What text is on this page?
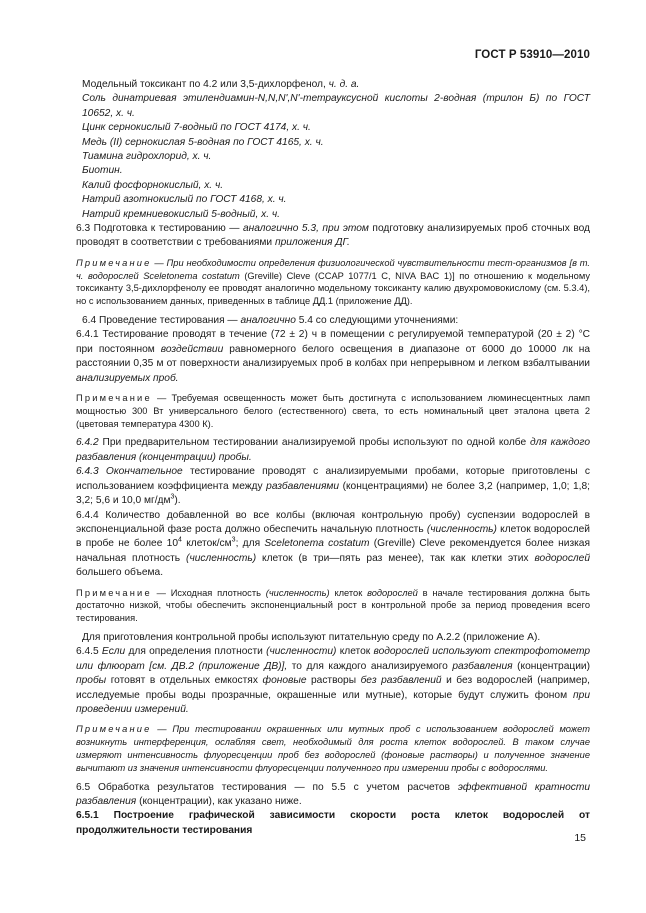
ГОСТ Р 53910—2010

Модельный токсикант по 4.2 или 3,5-дихлорфенол, ч. д. а.

Соль динатриевая этилендиамин-N,N,N',N'-тетрауксусной кислоты 2-водная (трилон Б) по ГОСТ 10652, х. ч.

Цинк сернокислый 7-водный по ГОСТ 4174, х. ч.

Медь (II) сернокислая 5-водная по ГОСТ 4165, х. ч.

Тиамина гидрохлорид, х. ч.

Биотин.

Калий фосфорнокислый, х. ч.

Натрий азотнокислый по ГОСТ 4168, х. ч.

Натрий кремниевокислый 5-водный, х. ч.

6.3 Подготовка к тестированию — аналогично 5.3, при этом подготовку анализируемых проб сточных вод проводят в соответствии с требованиями приложения ДГ.

Примечание — При необходимости определения физиологической чувствительности тест-организмов [в т. ч. водорослей Sceletonema costatum (Greville) Cleve (CCAP 1077/1 C, NIVA BAC 1)] по отношению к модельному токсиканту 3,5-дихлорфенолу ее проводят аналогично модельному токсиканту калию двухромовокислому (см. 5.3.4), но с использованием данных, приведенных в таблице ДД.1 (приложение ДД).

6.4 Проведение тестирования — аналогично 5.4 со следующими уточнениями:

6.4.1 Тестирование проводят в течение (72 ± 2) ч в помещении с регулируемой температурой (20 ± 2) °С при постоянном воздействии равномерного белого освещения в диапазоне от 6000 до 10000 лк на расстоянии 0,35 м от поверхности анализируемых проб в колбах при непрерывном и легком взбалтывании анализируемых проб.

Примечание — Требуемая освещенность может быть достигнута с использованием люминесцентных ламп мощностью 300 Вт универсального белого (естественного) света, то есть номинальный цвет эталона цвета 2 (цветовая температура 4300 К).

6.4.2 При предварительном тестировании анализируемой пробы используют по одной колбе для каждого разбавления (концентрации) пробы.

6.4.3 Окончательное тестирование проводят с анализируемыми пробами, которые приготовлены с использованием коэффициента между разбавлениями (концентрациями) не более 3,2 (например, 1,0; 1,8; 3,2; 5,6 и 10,0 $мг/дм^3$).

6.4.4 Количество добавленной во все колбы (включая контрольную пробу) суспензии водорослей в экспоненциальной фазе роста должно обеспечить начальную плотность (численность) клеток водорослей в пробе не более $10^4$ клеток/$см^3$; для Sceletonema costatum (Greville) Cleve рекомендуется более низкая начальная плотность (численность) клеток (в три—пять раз менее), так как клетки этих водорослей большего объема.

Примечание — Исходная плотность (численность) клеток водорослей в начале тестирования должна быть достаточно низкой, чтобы обеспечить экспоненциальный рост в контрольной пробе за период проведения всего тестирования.

Для приготовления контрольной пробы используют питательную среду по А.2.2 (приложение А).

6.4.5 Если для определения плотности (численности) клеток водорослей используют спектрофотометр или флюорат [см. ДВ.2 (приложение ДВ)], то для каждого анализируемого разбавления (концентрации) пробы готовят в отдельных емкостях фоновые растворы без разбавлений и без водорослей (например, исследуемые пробы воды прозрачные, окрашенные или мутные), которые будут служить фоном при проведении измерений.

Примечание — При тестировании окрашенных или мутных проб с использованием водорослей может возникнуть интерференция, ослабляя свет, необходимый для роста клеток водорослей. В таком случае измеряют интенсивность флуоресценции проб без водорослей (фоновые растворы) и полученное значение вычитают из значения интенсивности флуоресценции полученного при измерении пробы с водорослями.

6.5 Обработка результатов тестирования — по 5.5 с учетом расчетов эффективной кратности разбавления (концентрации), как указано ниже.

6.5.1 Построение графической зависимости скорости роста клеток водорослей от продолжительности тестирования

15
